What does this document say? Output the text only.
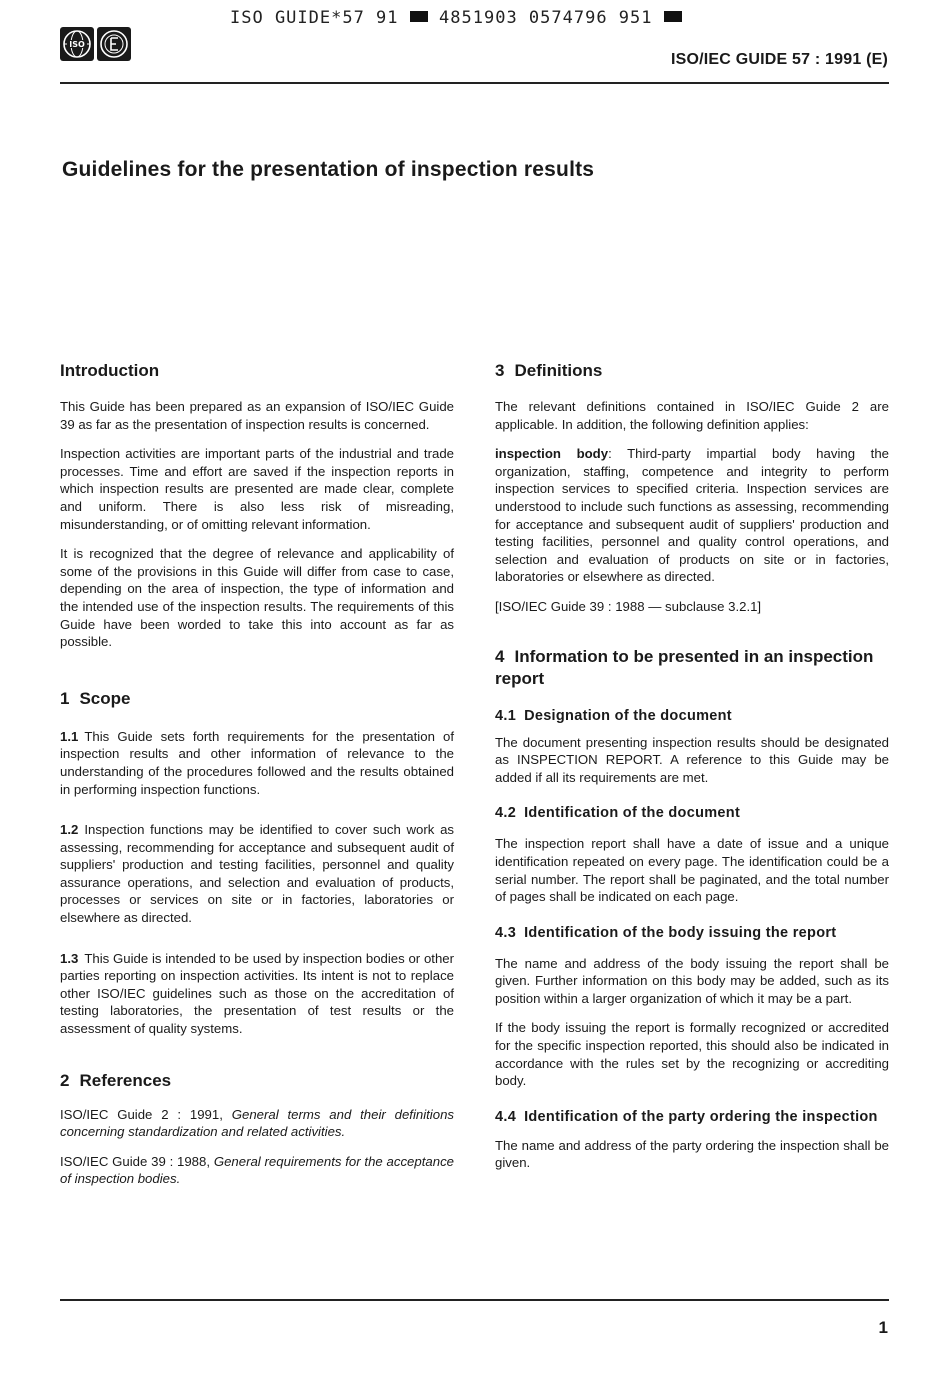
ISO GUIDE*57 91 4851903 0574796 951
ISO
ISO/IEC GUIDE 57 : 1991 (E)
Guidelines for the presentation of inspection results
Introduction

This Guide has been prepared as an expansion of ISO/IEC Guide 39 as far as the presentation of inspection results is concerned.

Inspection activities are important parts of the industrial and trade processes. Time and effort are saved if the inspection reports in which inspection results are presented are made clear, complete and uniform. There is also less risk of misreading, misunderstanding, or of omitting relevant information.

It is recognized that the degree of relevance and applicability of some of the provisions in this Guide will differ from case to case, depending on the area of inspection, the type of information and the intended use of the inspection results. The requirements of this Guide have been worded to take this into account as far as possible.

1 Scope

1.1 This Guide sets forth requirements for the presentation of inspection results and other information of relevance to the understanding of the procedures followed and the results obtained in performing inspection functions.

1.2 Inspection functions may be identified to cover such work as assessing, recommending for acceptance and subsequent audit of suppliers' production and testing facilities, personnel and quality assurance operations, and selection and evaluation of products, processes or services on site or in factories, laboratories or elsewhere as directed.

1.3 This Guide is intended to be used by inspection bodies or other parties reporting on inspection activities. Its intent is not to replace other ISO/IEC guidelines such as those on the accreditation of testing laboratories, the presentation of test results or the assessment of quality systems.

2 References

ISO/IEC Guide 2 : 1991, General terms and their definitions concerning standardization and related activities.

ISO/IEC Guide 39 : 1988, General requirements for the acceptance of inspection bodies.

3 Definitions

The relevant definitions contained in ISO/IEC Guide 2 are applicable. In addition, the following definition applies:

inspection body: Third-party impartial body having the organization, staffing, competence and integrity to perform inspection services to specified criteria. Inspection services are understood to include such functions as assessing, recommending for acceptance and subsequent audit of suppliers' production and testing facilities, personnel and quality control operations, and selection and evaluation of products on site or in factories, laboratories or elsewhere as directed.

[ISO/IEC Guide 39 : 1988 — subclause 3.2.1]

4 Information to be presented in an inspection report
4.1 Designation of the document

The document presenting inspection results should be designated as INSPECTION REPORT. A reference to this Guide may be added if all its requirements are met.

4.2 Identification of the document

The inspection report shall have a date of issue and a unique identification repeated on every page. The identification could be a serial number. The report shall be paginated, and the total number of pages shall be indicated on each page.

4.3 Identification of the body issuing the report

The name and address of the body issuing the report shall be given. Further information on this body may be added, such as its position within a larger organization of which it may be a part.

If the body issuing the report is formally recognized or accredited for the specific inspection reported, this should also be indicated in accordance with the rules set by the recognizing or accrediting body.

4.4 Identification of the party ordering the inspection

The name and address of the party ordering the inspection shall be given.

1
